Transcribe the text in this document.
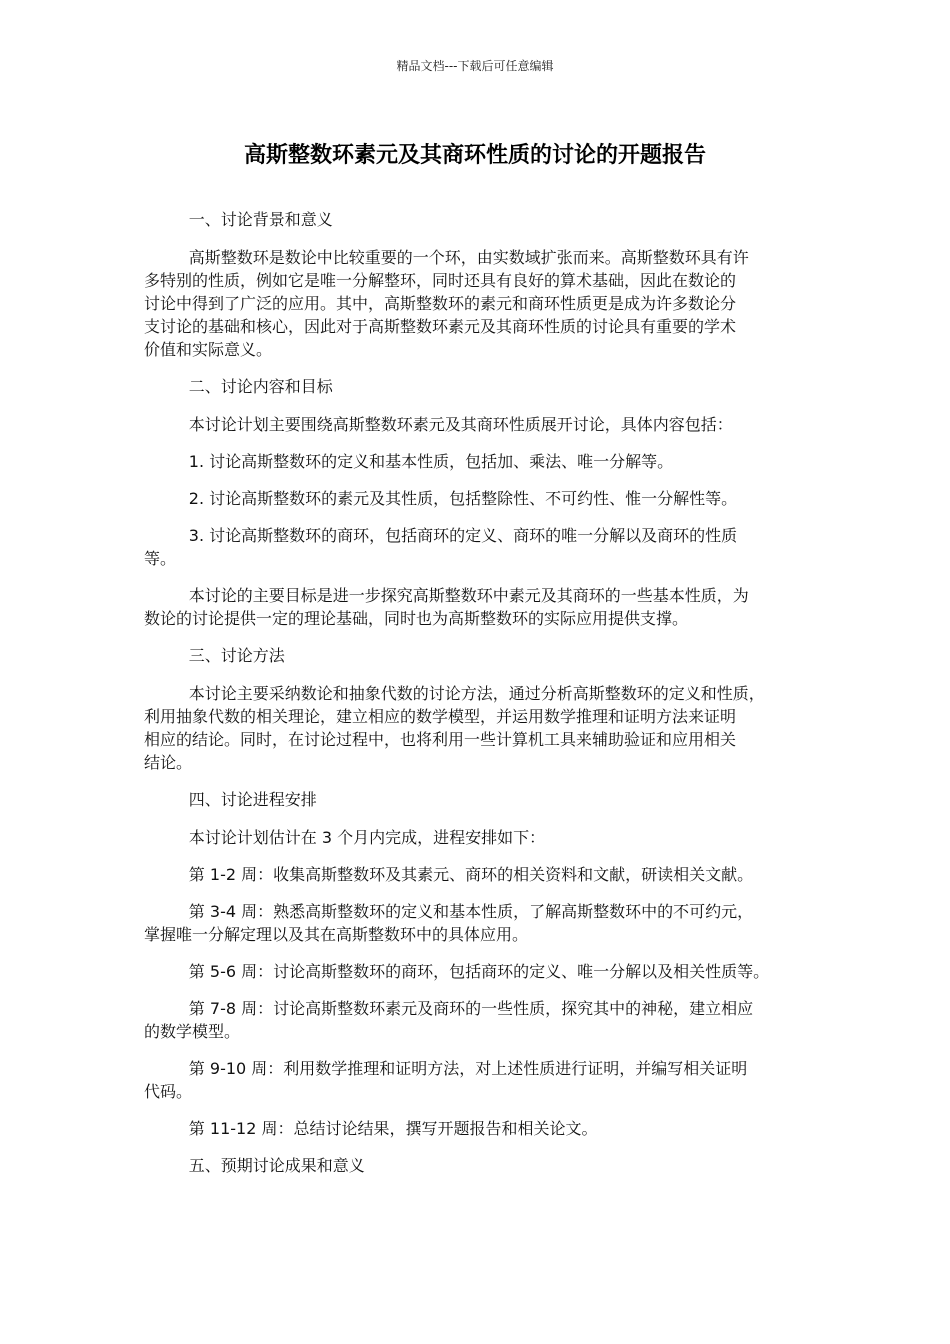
精品文档---下载后可任意编辑
高斯整数环素元及其商环性质的讨论的开题报告

一、讨论背景和意义

高斯整数环是数论中比较重要的一个环，由实数域扩张而来。高斯整数环具有许
多特别的性质，例如它是唯一分解整环，同时还具有良好的算术基础，因此在数论的
讨论中得到了广泛的应用。其中，高斯整数环的素元和商环性质更是成为许多数论分
支讨论的基础和核心，因此对于高斯整数环素元及其商环性质的讨论具有重要的学术
价值和实际意义。

二、讨论内容和目标

本讨论计划主要围绕高斯整数环素元及其商环性质展开讨论，具体内容包括：

1. 讨论高斯整数环的定义和基本性质，包括加、乘法、唯一分解等。

2. 讨论高斯整数环的素元及其性质，包括整除性、不可约性、惟一分解性等。

3. 讨论高斯整数环的商环，包括商环的定义、商环的唯一分解以及商环的性质
等。

本讨论的主要目标是进一步探究高斯整数环中素元及其商环的一些基本性质，为
数论的讨论提供一定的理论基础，同时也为高斯整数环的实际应用提供支撑。

三、讨论方法

本讨论主要采纳数论和抽象代数的讨论方法，通过分析高斯整数环的定义和性质，
利用抽象代数的相关理论，建立相应的数学模型，并运用数学推理和证明方法来证明
相应的结论。同时，在讨论过程中，也将利用一些计算机工具来辅助验证和应用相关
结论。

四、讨论进程安排

本讨论计划估计在 3 个月内完成，进程安排如下：

第 1-2 周：收集高斯整数环及其素元、商环的相关资料和文献，研读相关文献。

第 3-4 周：熟悉高斯整数环的定义和基本性质，了解高斯整数环中的不可约元，
掌握唯一分解定理以及其在高斯整数环中的具体应用。

第 5-6 周：讨论高斯整数环的商环，包括商环的定义、唯一分解以及相关性质等。

第 7-8 周：讨论高斯整数环素元及商环的一些性质，探究其中的神秘，建立相应
的数学模型。

第 9-10 周：利用数学推理和证明方法，对上述性质进行证明，并编写相关证明
代码。

第 11-12 周：总结讨论结果，撰写开题报告和相关论文。

五、预期讨论成果和意义
